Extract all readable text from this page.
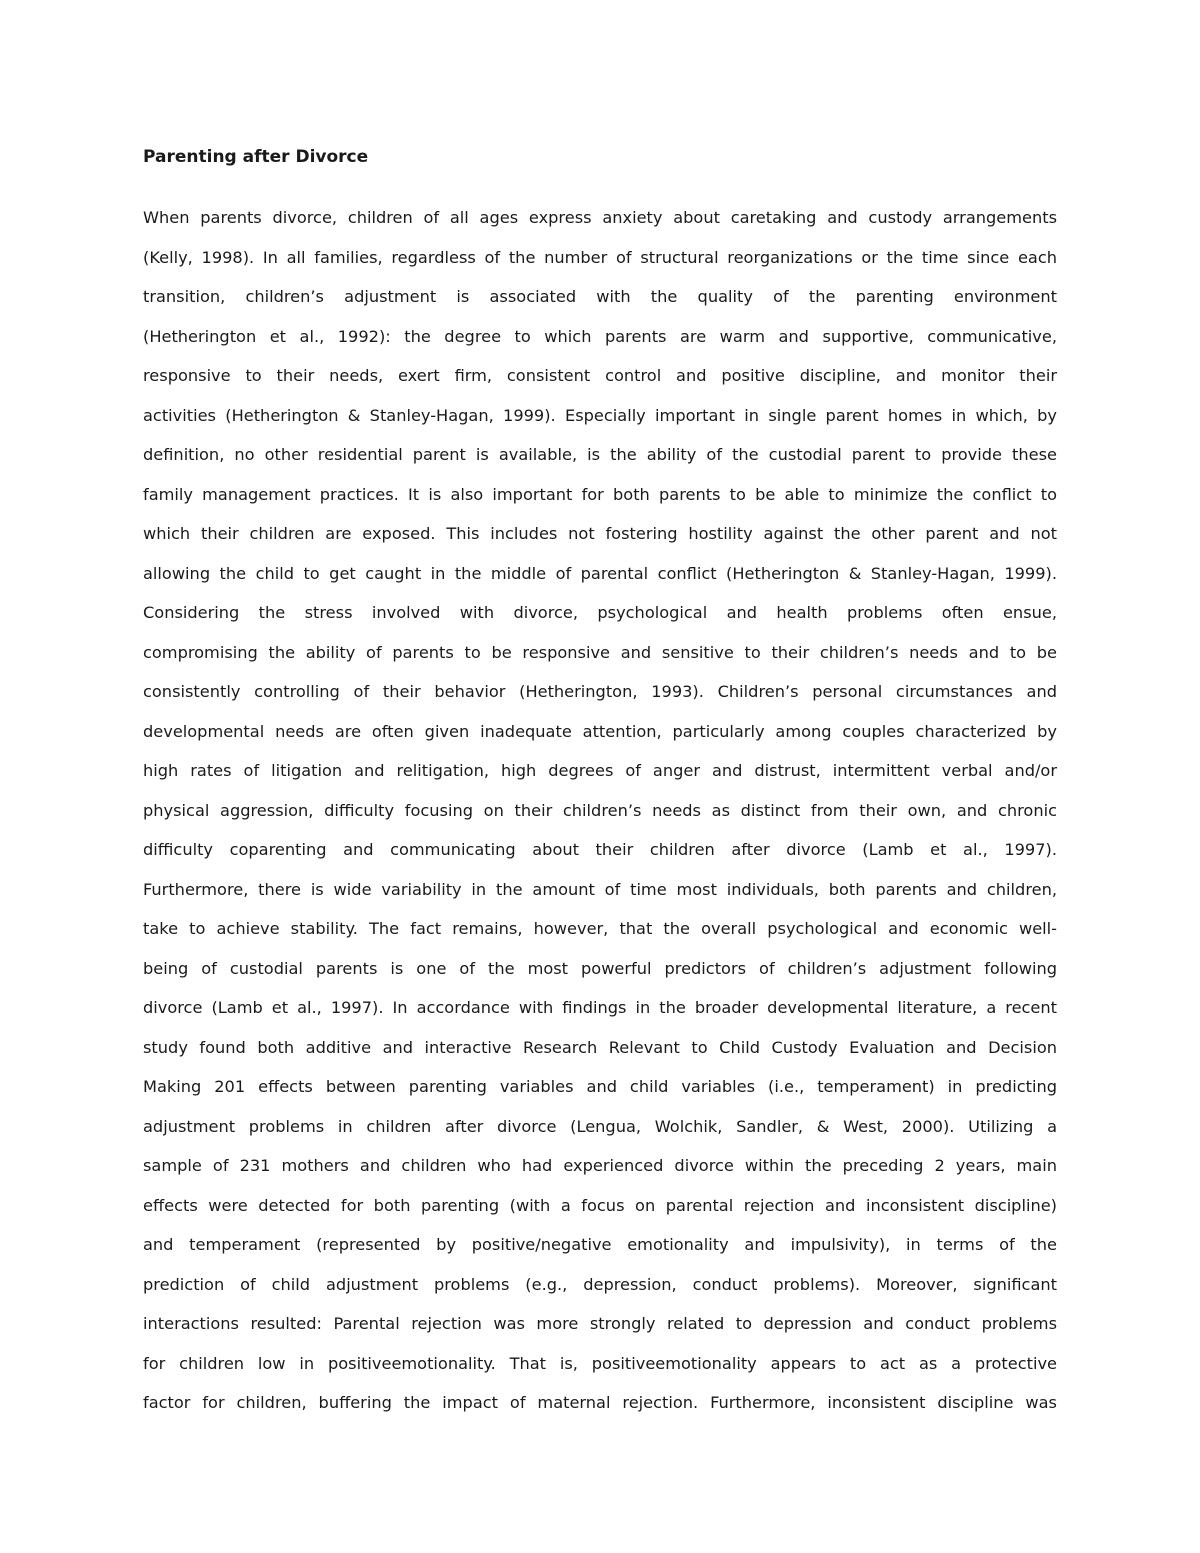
Parenting after Divorce
When parents divorce, children of all ages express anxiety about caretaking and custody arrangements
(Kelly, 1998). In all families, regardless of the number of structural reorganizations or the time since each
transition, children’s adjustment is associated with the quality of the parenting environment
(Hetherington et al., 1992): the degree to which parents are warm and supportive, communicative,
responsive to their needs, exert firm, consistent control and positive discipline, and monitor their
activities (Hetherington & Stanley-Hagan, 1999). Especially important in single parent homes in which, by
definition, no other residential parent is available, is the ability of the custodial parent to provide these
family management practices. It is also important for both parents to be able to minimize the conflict to
which their children are exposed. This includes not fostering hostility against the other parent and not
allowing the child to get caught in the middle of parental conflict (Hetherington & Stanley-Hagan, 1999).
Considering the stress involved with divorce, psychological and health problems often ensue,
compromising the ability of parents to be responsive and sensitive to their children’s needs and to be
consistently controlling of their behavior (Hetherington, 1993). Children’s personal circumstances and
developmental needs are often given inadequate attention, particularly among couples characterized by
high rates of litigation and relitigation, high degrees of anger and distrust, intermittent verbal and/or
physical aggression, difficulty focusing on their children’s needs as distinct from their own, and chronic
difficulty coparenting and communicating about their children after divorce (Lamb et al., 1997).
Furthermore, there is wide variability in the amount of time most individuals, both parents and children,
take to achieve stability. The fact remains, however, that the overall psychological and economic well-
being of custodial parents is one of the most powerful predictors of children’s adjustment following
divorce (Lamb et al., 1997). In accordance with findings in the broader developmental literature, a recent
study found both additive and interactive Research Relevant to Child Custody Evaluation and Decision
Making 201 effects between parenting variables and child variables (i.e., temperament) in predicting
adjustment problems in children after divorce (Lengua, Wolchik, Sandler, & West, 2000). Utilizing a
sample of 231 mothers and children who had experienced divorce within the preceding 2 years, main
effects were detected for both parenting (with a focus on parental rejection and inconsistent discipline)
and temperament (represented by positive/negative emotionality and impulsivity), in terms of the
prediction of child adjustment problems (e.g., depression, conduct problems). Moreover, significant
interactions resulted: Parental rejection was more strongly related to depression and conduct problems
for children low in positiveemotionality. That is, positiveemotionality appears to act as a protective
factor for children, buffering the impact of maternal rejection. Furthermore, inconsistent discipline was
